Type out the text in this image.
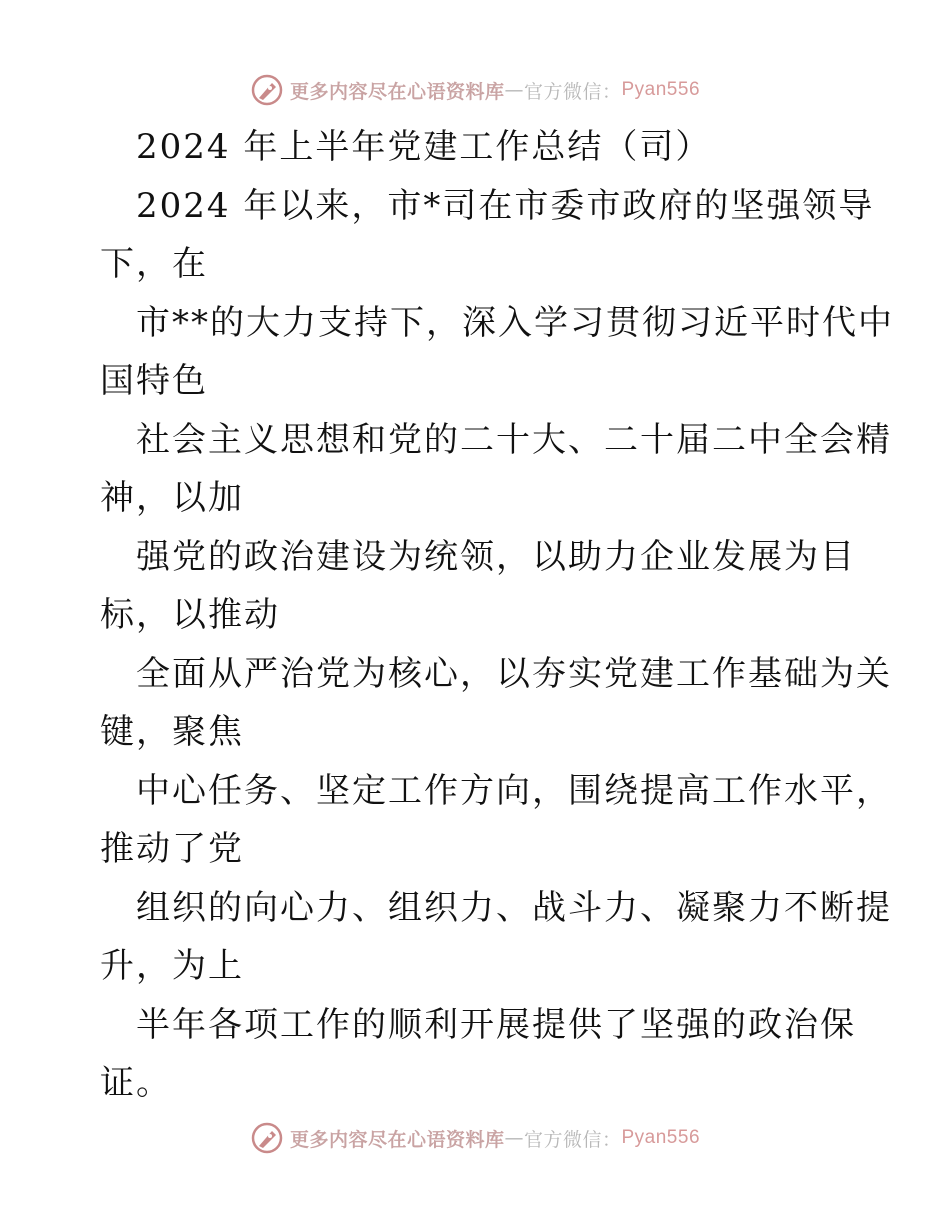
更多内容尽在心语资料库 — 官方微信： Pyan556
2024 年上半年党建工作总结（司）
2024 年以来，市*司在市委市政府的坚强领导
下，在
市**的大力支持下，深入学习贯彻习近平时代中
国特色
社会主义思想和党的二十大、二十届二中全会精
神，以加
强党的政治建设为统领，以助力企业发展为目
标，以推动
全面从严治党为核心，以夯实党建工作基础为关
键，聚焦
中心任务、坚定工作方向，围绕提高工作水平，
推动了党
组织的向心力、组织力、战斗力、凝聚力不断提
升，为上
半年各项工作的顺利开展提供了坚强的政治保
证。
更多内容尽在心语资料库 — 官方微信： Pyan556
